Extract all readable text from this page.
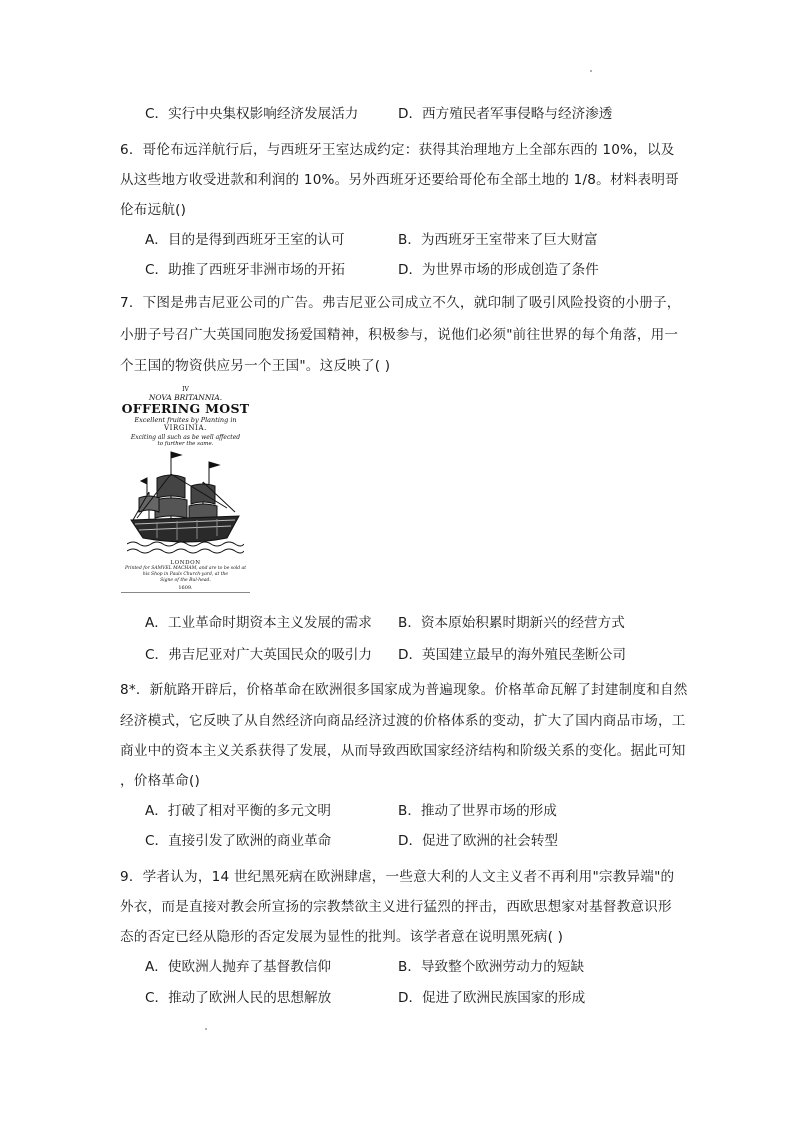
C．实行中央集权影响经济发展活力	D．西方殖民者军事侵略与经济渗透
6．哥伦布远洋航行后，与西班牙王室达成约定：获得其治理地方上全部东西的 10%，以及
从这些地方收受进款和利润的 10%。另外西班牙还要给哥伦布全部土地的 1/8。材料表明哥
伦布远航()
A．目的是得到西班牙王室的认可	B．为西班牙王室带来了巨大财富
C．助推了西班牙非洲市场的开拓	D．为世界市场的形成创造了条件
7．下图是弗吉尼亚公司的广告。弗吉尼亚公司成立不久，就印制了吸引风险投资的小册子，
小册子号召广大英国同胞发扬爱国精神，积极参与，说他们必须"前往世界的每个角落，用一
个王国的物资供应另一个王国"。这反映了( )
IV
NOVA BRITANNIA.
OFFERING MOST
Excellent fruites by Planting in
VIRGINIA.
Exciting all such as be well affected
to further the same.
LONDON
Printed for SAMVEL MACHAM, and are to be sold at
his Shop in Pauls Church-yard, at the
Signe of the Bul-head.
1609.
A．工业革命时期资本主义发展的需求 B．资本原始积累时期新兴的经营方式
C．弗吉尼亚对广大英国民众的吸引力 D．英国建立最早的海外殖民垄断公司
8*．新航路开辟后，价格革命在欧洲很多国家成为普遍现象。价格革命瓦解了封建制度和自然
经济模式，它反映了从自然经济向商品经济过渡的价格体系的变动，扩大了国内商品市场，工
商业中的资本主义关系获得了发展，从而导致西欧国家经济结构和阶级关系的变化。据此可知
，价格革命()
A．打破了相对平衡的多元文明	B．推动了世界市场的形成
C．直接引发了欧洲的商业革命	D．促进了欧洲的社会转型
9．学者认为，14 世纪黑死病在欧洲肆虐，一些意大利的人文主义者不再利用"宗教异端"的
外衣，而是直接对教会所宣扬的宗教禁欲主义进行猛烈的抨击，西欧思想家对基督教意识形
态的否定已经从隐形的否定发展为显性的批判。该学者意在说明黑死病( )
A．使欧洲人抛弃了基督教信仰	B．导致整个欧洲劳动力的短缺
C．推动了欧洲人民的思想解放	D．促进了欧洲民族国家的形成
